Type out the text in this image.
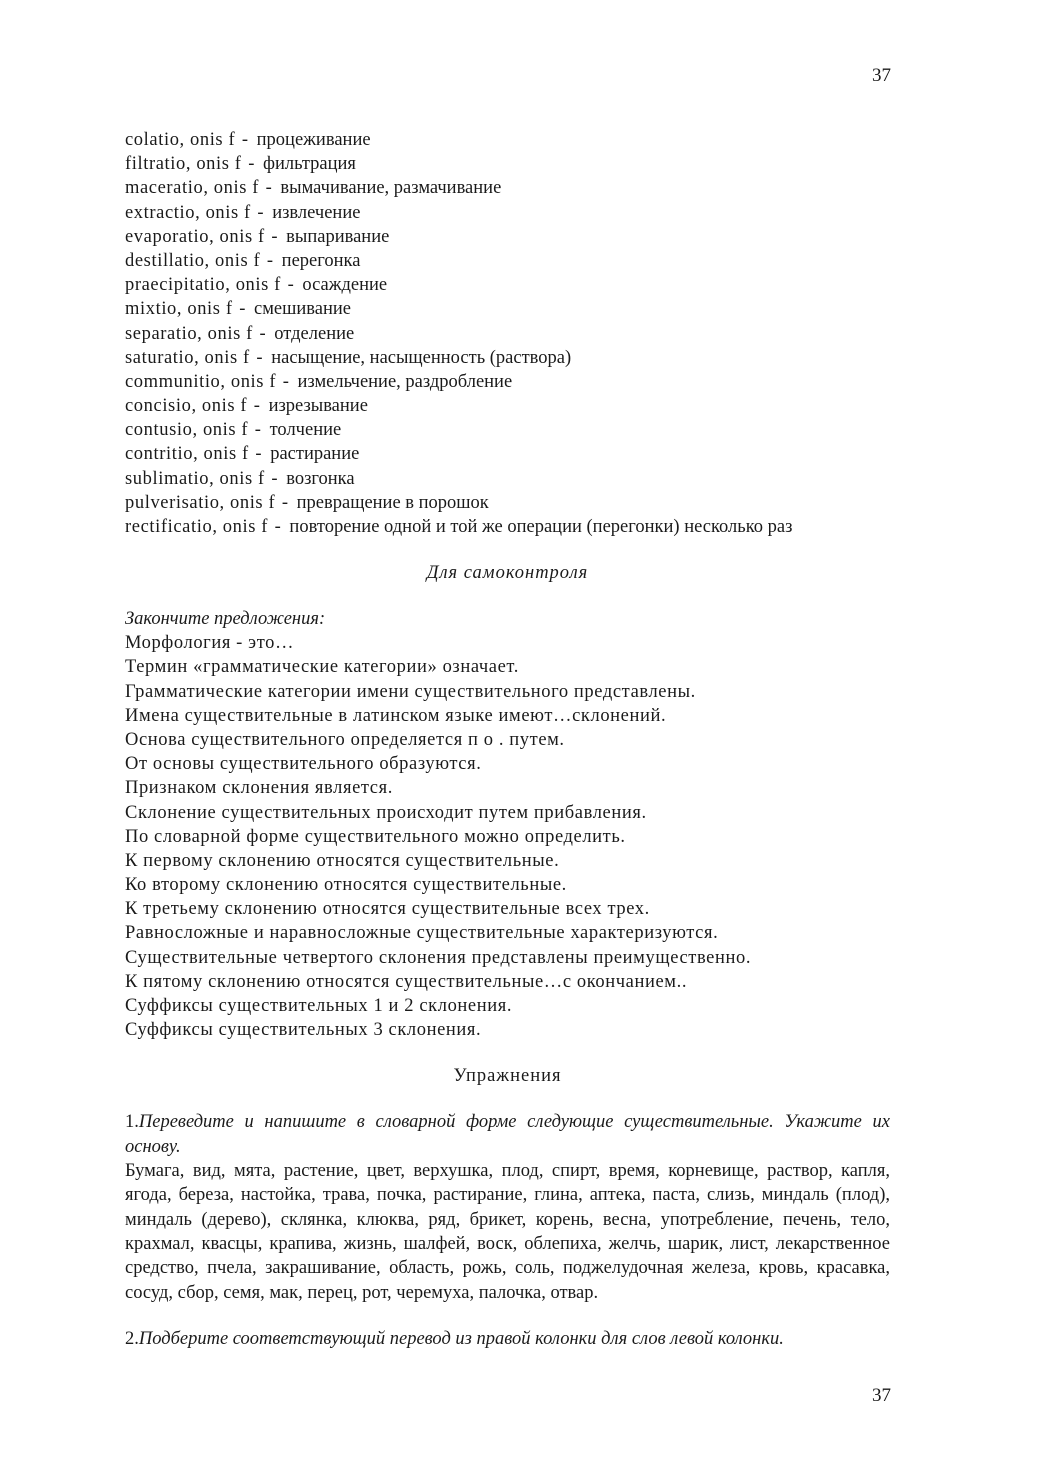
37
colatio, onis f - процеживание
filtratio, onis f - фильтрация
maceratio, onis f - вымачивание, размачивание
extractio, onis f - извлечение
evaporatio, onis f - выпаривание
destillatio, onis f - перегонка
praecipitatio, onis f - осаждение
mixtio, onis f - смешивание
separatio, onis f - отделение
saturatio, onis f - насыщение, насыщенность (раствора)
communitio, onis f - измельчение, раздробление
concisio, onis f - изрезывание
contusio, onis f - толчение
contritio, onis f - растирание
sublimatio, onis f - возгонка
pulverisatio, onis f - превращение в порошок
rectificatio, onis f - повторение одной и той же операции (перегонки) несколько раз
Для самоконтроля
Закончите предложения:
Морфология - это…
Термин «грамматические категории» означает.
Грамматические категории имени существительного представлены.
Имена существительные в латинском языке имеют…склонений.
Основа существительного определяется п о . путем.
От основы существительного образуются.
Признаком склонения является.
Склонение существительных происходит путем прибавления.
По словарной форме существительного можно определить.
К первому склонению относятся существительные.
Ко второму склонению относятся существительные.
К третьему склонению относятся существительные всех трех.
Равносложные и наравносложные существительные характеризуются.
Существительные четвертого склонения представлены преимущественно.
К пятому склонению относятся существительные…с окончанием..
Суффиксы существительных 1 и 2 склонения.
Суффиксы существительных 3 склонения.
Упражнения
1.Переведите и напишите в словарной форме следующие существительные. Укажите их основу.
Бумага, вид, мята, растение, цвет, верхушка, плод, спирт, время, корневище, раствор, капля, ягода, береза, настойка, трава, почка, растирание, глина, аптека, паста, слизь, миндаль (плод), миндаль (дерево), склянка, клюква, ряд, брикет, корень, весна, употребление, печень, тело, крахмал, квасцы, крапива, жизнь, шалфей, воск, облепиха, желчь, шарик, лист, лекарственное средство, пчела, закрашивание, область, рожь, соль, поджелудочная железа, кровь, красавка, сосуд, сбор, семя, мак, перец, рот, черемуха, палочка, отвар.
2.Подберите соответствующий перевод из правой колонки для слов левой колонки.
37
